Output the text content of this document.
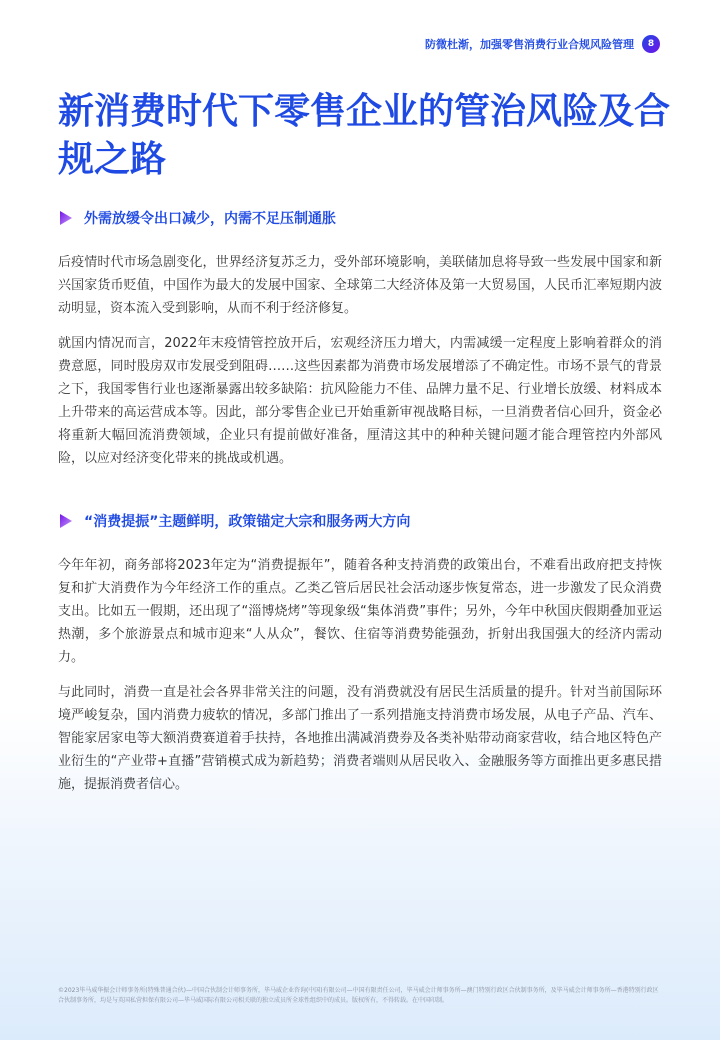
防微杜渐，加强零售消费行业合规风险管理	8
新消费时代下零售企业的管治风险及合规之路
外需放缓令出口减少，内需不足压制通胀

后疫情时代市场急剧变化，世界经济复苏乏力，受外部环境影响，美联储加息将导致一些发展中国家和新兴国家货币贬值，中国作为最大的发展中国家、全球第二大经济体及第一大贸易国，人民币汇率短期内波动明显，资本流入受到影响，从而不利于经济修复。

就国内情况而言，2022年末疫情管控放开后，宏观经济压力增大，内需减缓一定程度上影响着群众的消费意愿，同时股房双市发展受到阻碍……这些因素都为消费市场发展增添了不确定性。市场不景气的背景之下，我国零售行业也逐渐暴露出较多缺陷：抗风险能力不佳、品牌力量不足、行业增长放缓、材料成本上升带来的高运营成本等。因此，部分零售企业已开始重新审视战略目标，一旦消费者信心回升，资金必将重新大幅回流消费领域，企业只有提前做好准备，厘清这其中的种种关键问题才能合理管控内外部风险，以应对经济变化带来的挑战或机遇。

“消费提振”主题鲜明，政策锚定大宗和服务两大方向

今年年初，商务部将2023年定为“消费提振年”，随着各种支持消费的政策出台，不难看出政府把支持恢复和扩大消费作为今年经济工作的重点。乙类乙管后居民社会活动逐步恢复常态，进一步激发了民众消费支出。比如五一假期，还出现了“淄博烧烤”等现象级“集体消费”事件；另外，今年中秋国庆假期叠加亚运热潮，多个旅游景点和城市迎来“人从众”，餐饮、住宿等消费势能强劲，折射出我国强大的经济内需动力。

与此同时，消费一直是社会各界非常关注的问题，没有消费就没有居民生活质量的提升。针对当前国际环境严峻复杂，国内消费力疲软的情况，多部门推出了一系列措施支持消费市场发展，从电子产品、汽车、智能家居家电等大额消费赛道着手扶持，各地推出满减消费券及各类补贴带动商家营收，结合地区特色产业衍生的“产业带+直播”营销模式成为新趋势；消费者端则从居民收入、金融服务等方面推出更多惠民措施，提振消费者信心。

©2023毕马威华振会计师事务所(特殊普通合伙)—中国合伙制会计师事务所，毕马威企业咨询(中国)有限公司—中国有限责任公司，毕马威会计师事务所—澳门特别行政区合伙制事务所，及毕马威会计师事务所—香港特别行政区合伙制事务所，均是与英国私营担保有限公司—毕马威国际有限公司相关联的独立成员所全球性组织中的成员。版权所有，不得转载。在中国印制。
